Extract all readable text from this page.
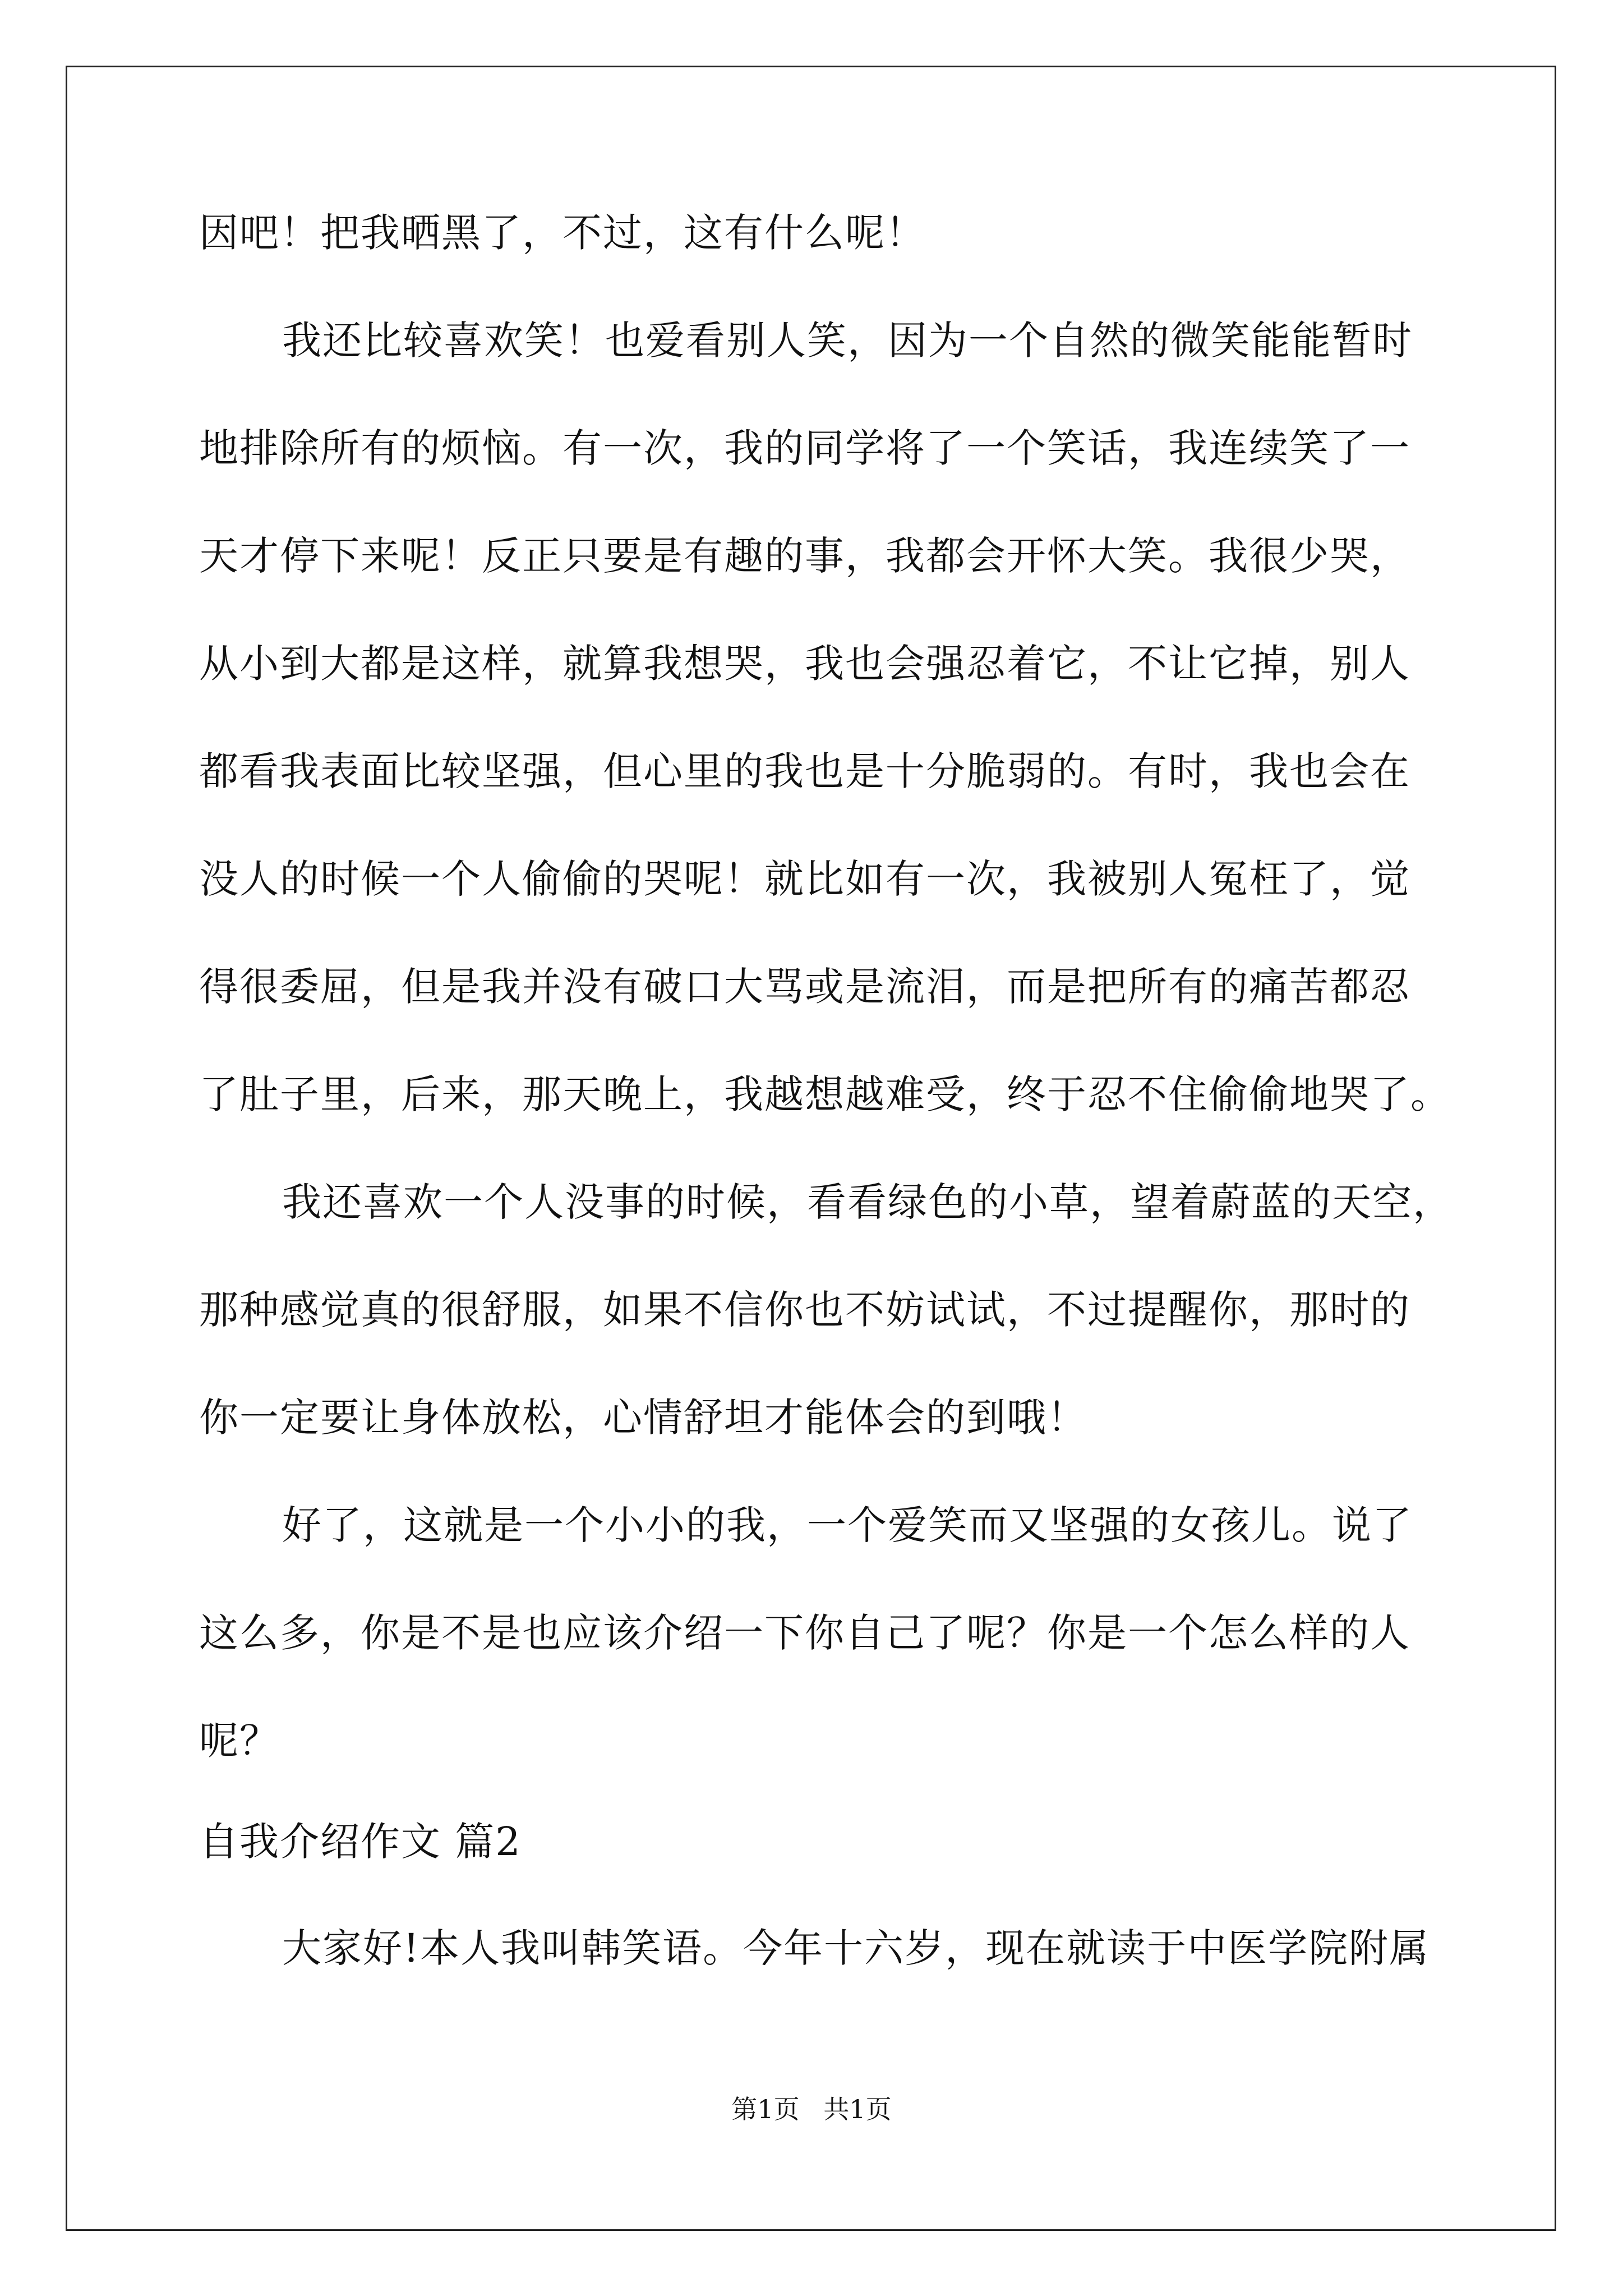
因吧！把我晒黑了，不过，这有什么呢！
我还比较喜欢笑！也爱看别人笑，因为一个自然的微笑能能暂时
地排除所有的烦恼。有一次，我的同学将了一个笑话，我连续笑了一
天才停下来呢！反正只要是有趣的事，我都会开怀大笑。我很少哭，
从小到大都是这样，就算我想哭，我也会强忍着它，不让它掉，别人
都看我表面比较坚强，但心里的我也是十分脆弱的。有时，我也会在
没人的时候一个人偷偷的哭呢！就比如有一次，我被别人冤枉了，觉
得很委屈，但是我并没有破口大骂或是流泪，而是把所有的痛苦都忍
了肚子里，后来，那天晚上，我越想越难受，终于忍不住偷偷地哭了。
我还喜欢一个人没事的时候，看看绿色的小草，望着蔚蓝的天空，
那种感觉真的很舒服，如果不信你也不妨试试，不过提醒你，那时的
你一定要让身体放松，心情舒坦才能体会的到哦！
好了，这就是一个小小的我，一个爱笑而又坚强的女孩儿。说了
这么多，你是不是也应该介绍一下你自己了呢？你是一个怎么样的人
呢？
自我介绍作文 篇2
大家好!本人我叫韩笑语。今年十六岁，现在就读于中医学院附属
第1页 共1页
